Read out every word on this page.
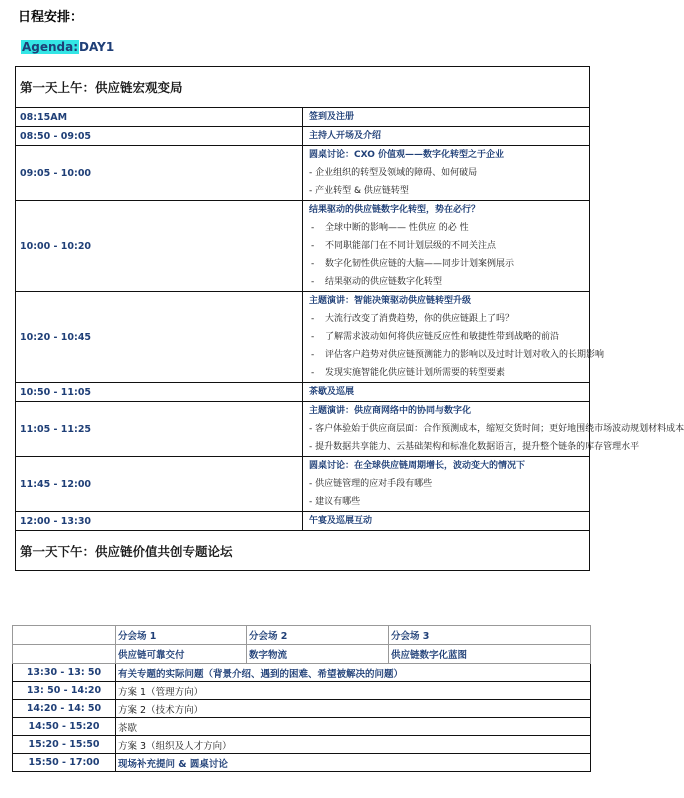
日程安排：
Agenda:DAY1
第一天上午：供应链宏观变局	
08:15AM	签到及注册

08:50 - 09:05	主持人开场及介绍

09:05 - 10:00	圆桌讨论：CXO 价值观——数字化转型之于企业
- 企业组织的转型及领域的障碍、如何破局
- 产业转型 & 供应链转型

10:00 - 10:20	结果驱动的供应链数字化转型，势在必行？
- 全球中断的影响—— 性供应 的必 性
- 不同职能部门在不同计划层级的不同关注点
- 数字化韧性供应链的大脑——同步计划案例展示
- 结果驱动的供应链数字化转型

10:20 - 10:45	主题演讲：智能决策驱动供应链转型升级
- 大流行改变了消费趋势，你的供应链跟上了吗？
- 了解需求波动如何将供应链反应性和敏捷性带到战略的前沿
- 评估客户趋势对供应链预测能力的影响以及过时计划对收入的长期影响
- 发现实施智能化供应链计划所需要的转型要素

10:50 - 11:05	茶歇及巡展

11:05 - 11:25	主题演讲：供应商网络中的协同与数字化
- 客户体验始于供应商层面：合作预测成本，缩短交货时间；更好地围绕市场波动规划材料成本
- 提升数据共享能力、云基础架构和标准化数据语言，提升整个链条的库存管理水平

11:45 - 12:00	圆桌讨论：在全球供应链周期增长，波动变大的情况下
- 供应链管理的应对手段有哪些
- 建议有哪些

12:00 - 13:30	午宴及巡展互动

第一天下午：供应链价值共创专题论坛	
	分会场 1	分会场 2	分会场 3
	供应链可靠交付	数字物流	供应链数字化蓝图
13:30 - 13: 50	有关专题的实际问题（背景介绍、遇到的困难、希望被解决的问题）		
13: 50 - 14:20	方案 1（管理方向）		
14:20 - 14: 50	方案 2（技术方向）		
14:50 - 15:20	茶歇		
15:20 - 15:50	方案 3（组织及人才方向）		
15:50 - 17:00	现场补充提问 & 圆桌讨论		
